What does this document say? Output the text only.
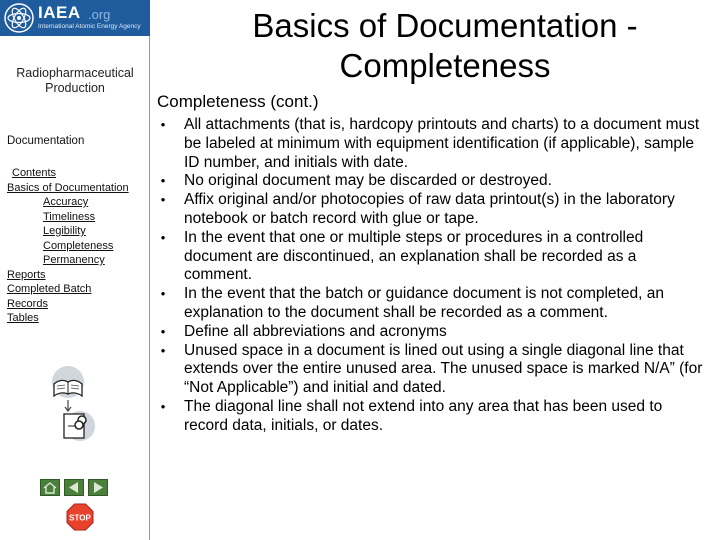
IAEA .org
International Atomic Energy Agency
Radiopharmaceutical Production
Documentation
Contents
Basics of Documentation
Accuracy
Timeliness
Legibility
Completeness
Permanency
Reports
Completed Batch Records
Tables
STOP
Basics of Documentation - Completeness
Completeness (cont.)
• All attachments (that is, hardcopy printouts and charts) to a document must be labeled at minimum with equipment identification (if applicable), sample ID number, and initials with date.
• No original document may be discarded or destroyed.
• Affix original and/or photocopies of raw data printout(s) in the laboratory notebook or batch record with glue or tape.
• In the event that one or multiple steps or procedures in a controlled document are discontinued, an explanation shall be recorded as a comment.
• In the event that the batch or guidance document is not completed, an explanation to the document shall be recorded as a comment.
• Define all abbreviations and acronyms
• Unused space in a document is lined out using a single diagonal line that extends over the entire unused area. The unused space is marked N/A” (for “Not Applicable”) and initial and dated.
• The diagonal line shall not extend into any area that has been used to record data, initials, or dates.
